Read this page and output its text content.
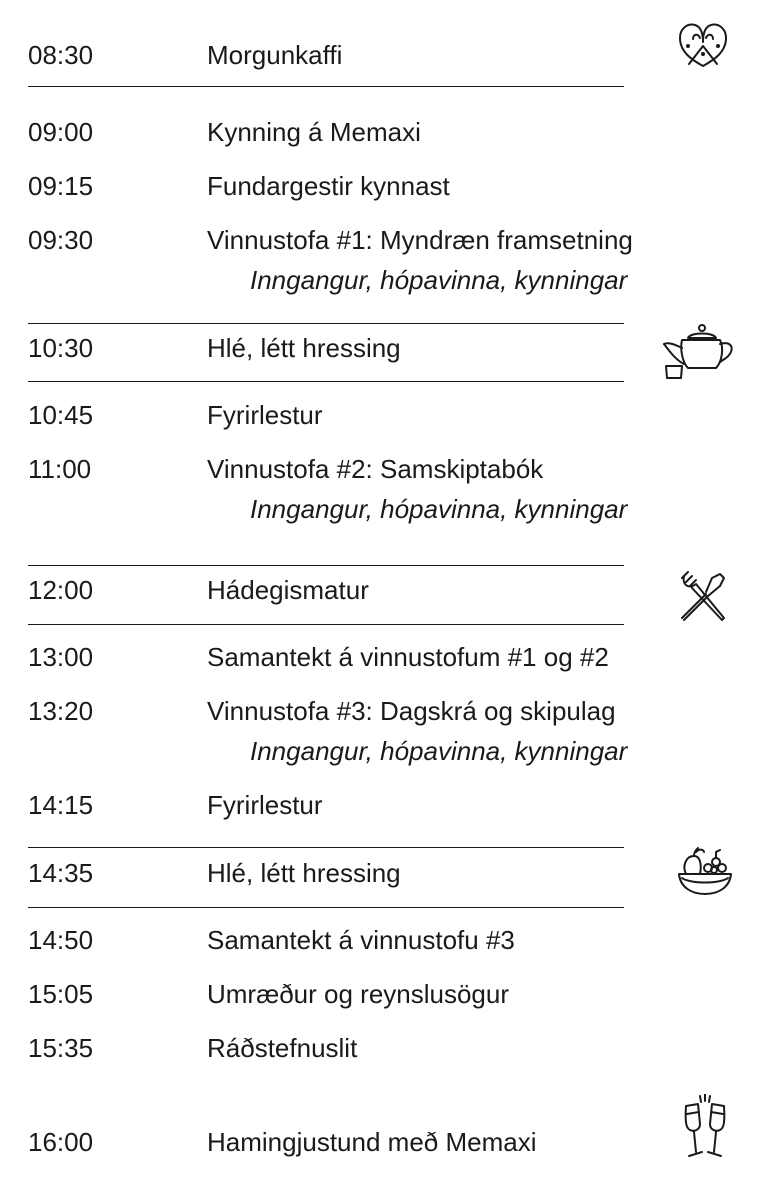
08:30	Morgunkaffi
09:00	Kynning á Memaxi
09:15	Fundargestir kynnast
09:30	Vinnustofa #1: Myndræn framsetning
Inngangur, hópavinna, kynningar
10:30	Hlé, létt hressing
10:45	Fyrirlestur
11:00	Vinnustofa #2: Samskiptabók
Inngangur, hópavinna, kynningar
12:00	Hádegismatur
13:00	Samantekt á vinnustofum #1 og #2
13:20	Vinnustofa #3: Dagskrá og skipulag
Inngangur, hópavinna, kynningar
14:15	Fyrirlestur
14:35	Hlé, létt hressing
14:50	Samantekt á vinnustofu #3
15:05	Umræður og reynslusögur
15:35	Ráðstefnuslit
16:00	Hamingjustund með Memaxi
